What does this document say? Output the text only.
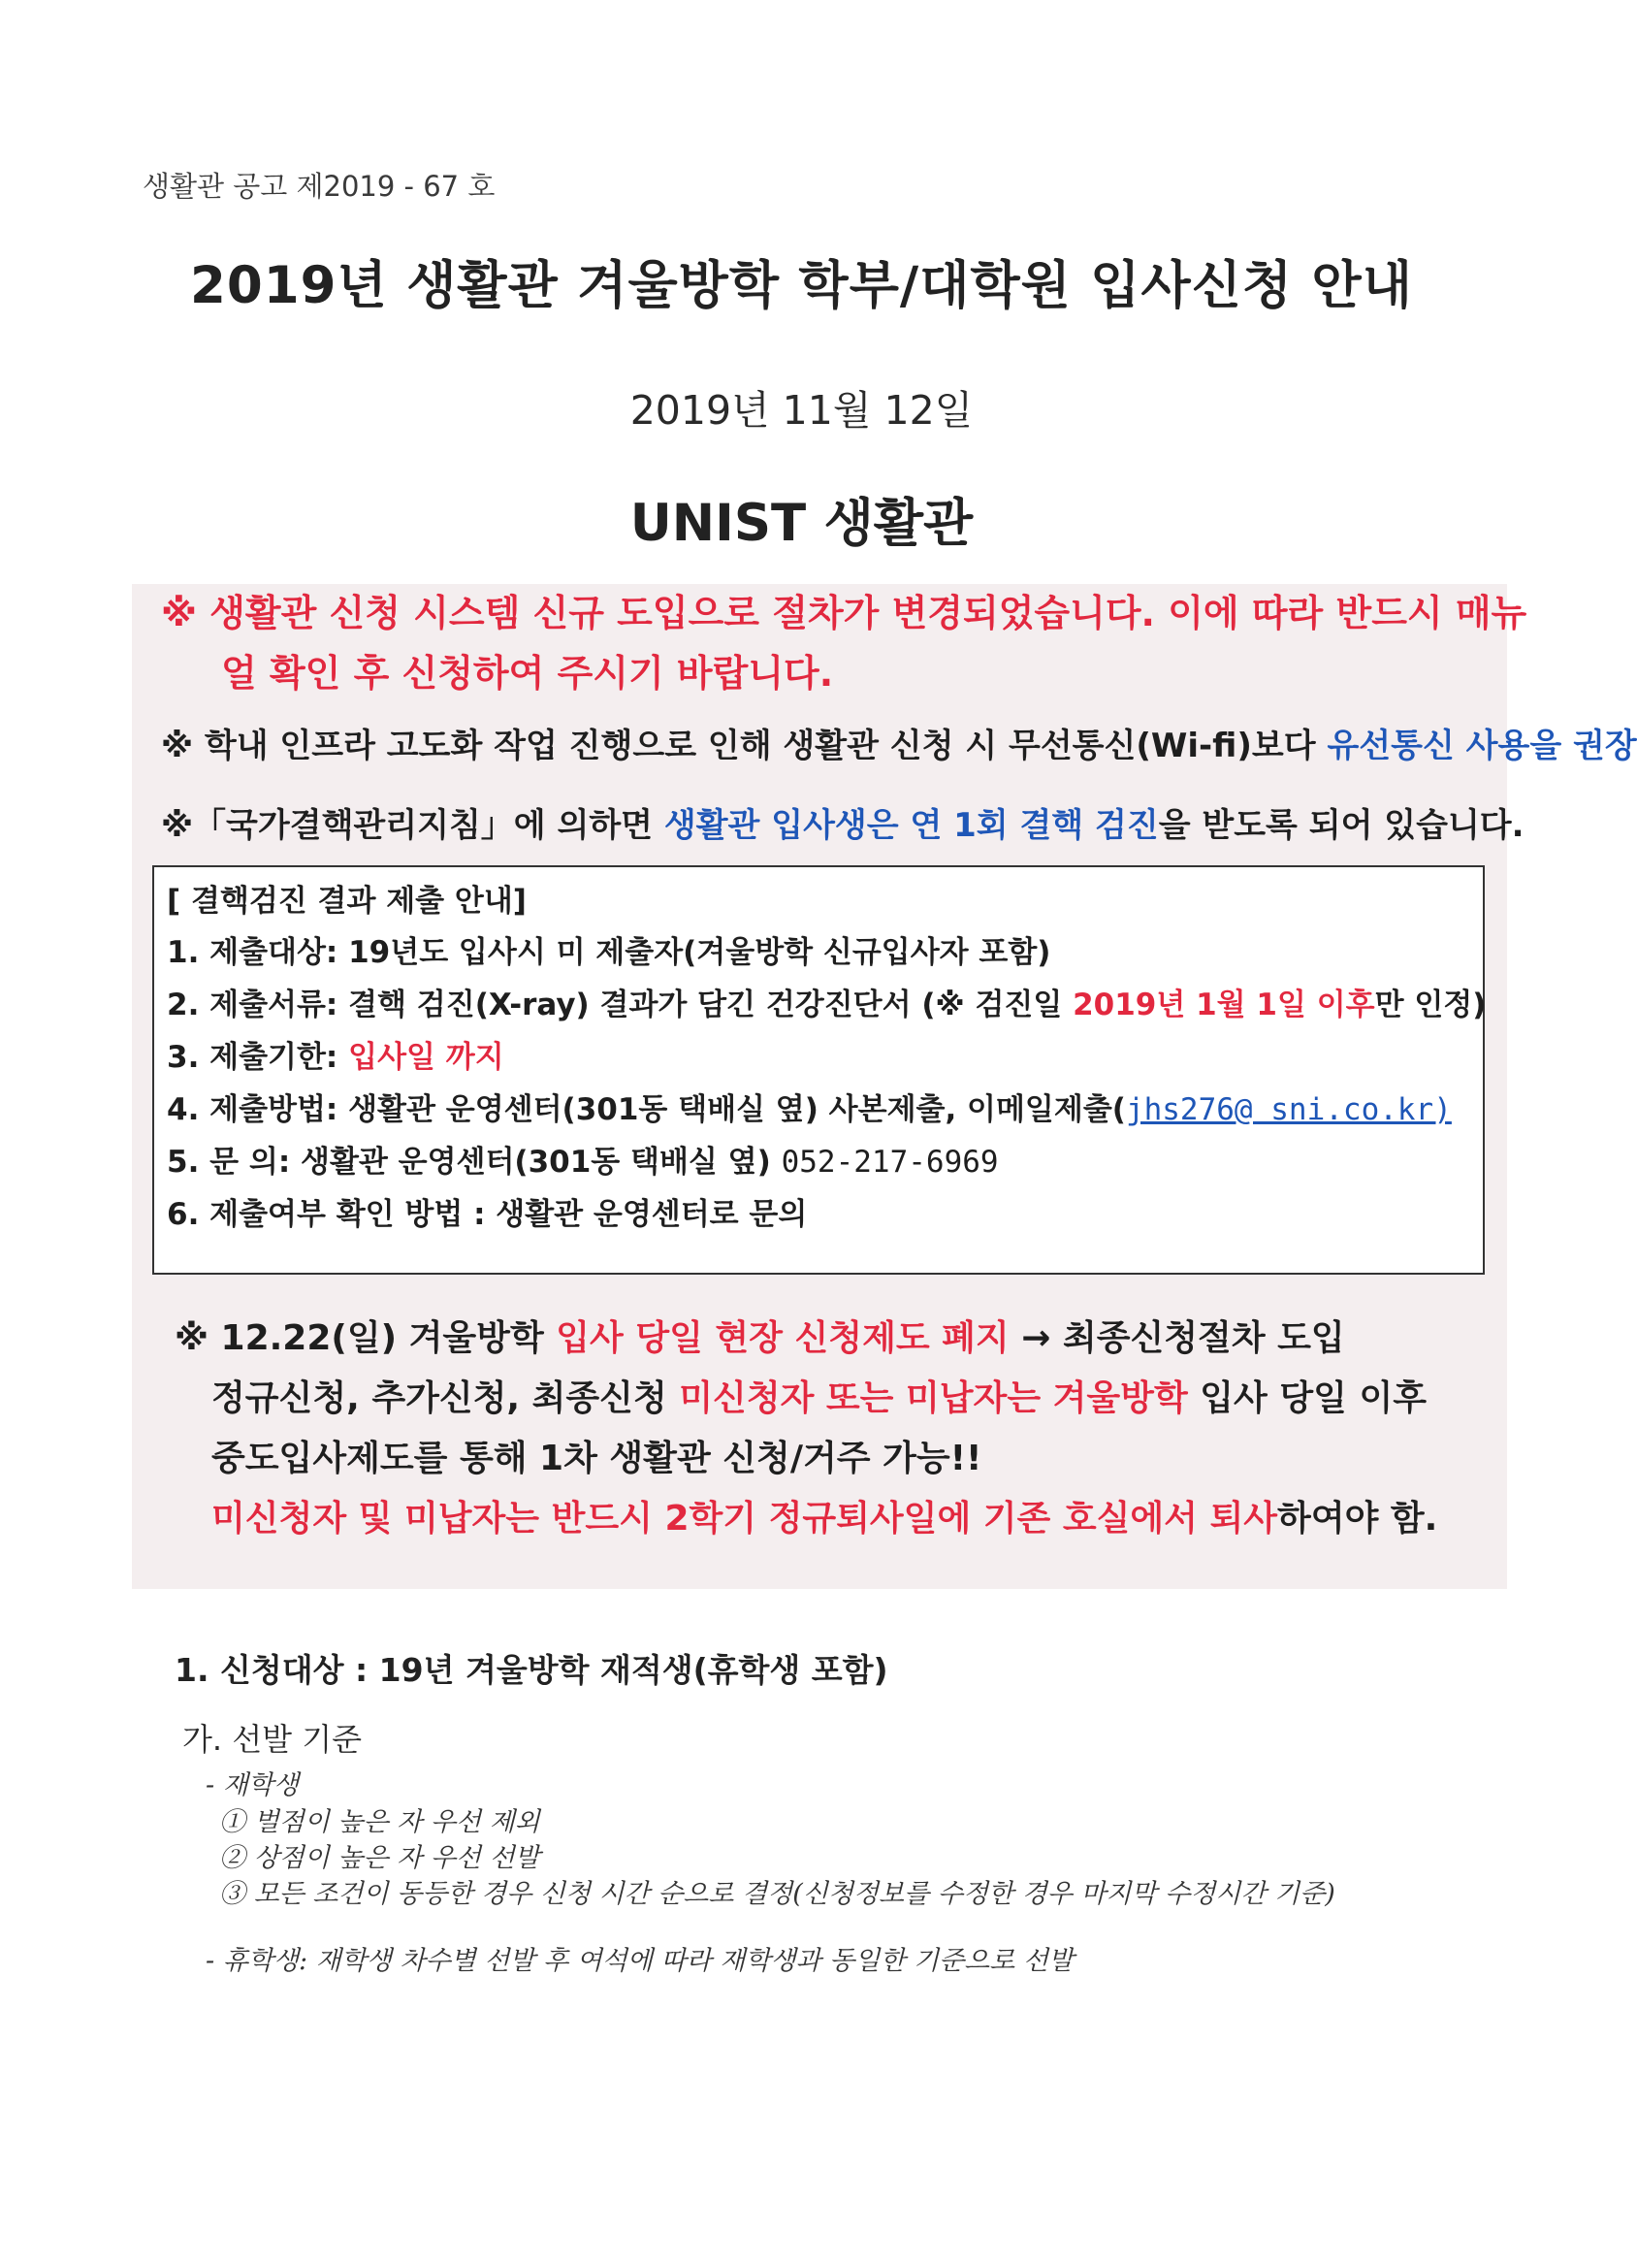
생활관 공고 제2019 - 67 호
2019년 생활관 겨울방학 학부/대학원 입사신청 안내
2019년 11월 12일
UNIST 생활관
※ 생활관 신청 시스템 신규 도입으로 절차가 변경되었습니다. 이에 따라 반드시 매뉴
얼 확인 후 신청하여 주시기 바랍니다.
※ 학내 인프라 고도화 작업 진행으로 인해 생활관 신청 시 무선통신(Wi-fi)보다 유선통신 사용을 권장
※「국가결핵관리지침」에 의하면 생활관 입사생은 연 1회 결핵 검진을 받도록 되어 있습니다.
[ 결핵검진 결과 제출 안내]
1. 제출대상: 19년도 입사시 미 제출자(겨울방학 신규입사자 포함)
2. 제출서류: 결핵 검진(X-ray) 결과가 담긴 건강진단서 (※ 검진일 2019년 1월 1일 이후만 인정)
3. 제출기한: 입사일 까지
4. 제출방법: 생활관 운영센터(301동 택배실 옆) 사본제출, 이메일제출(jhs276@ sni.co.kr)
5. 문 의: 생활관 운영센터(301동 택배실 옆) 052-217-6969
6. 제출여부 확인 방법 : 생활관 운영센터로 문의
※ 12.22(일) 겨울방학 입사 당일 현장 신청제도 폐지 → 최종신청절차 도입
정규신청, 추가신청, 최종신청 미신청자 또는 미납자는 겨울방학 입사 당일 이후
중도입사제도를 통해 1차 생활관 신청/거주 가능!!
미신청자 및 미납자는 반드시 2학기 정규퇴사일에 기존 호실에서 퇴사하여야 함.
1. 신청대상 : 19년 겨울방학 재적생(휴학생 포함)
가. 선발 기준
- 재학생
① 벌점이 높은 자 우선 제외
② 상점이 높은 자 우선 선발
③ 모든 조건이 동등한 경우 신청 시간 순으로 결정(신청정보를 수정한 경우 마지막 수정시간 기준)
- 휴학생: 재학생 차수별 선발 후 여석에 따라 재학생과 동일한 기준으로 선발
